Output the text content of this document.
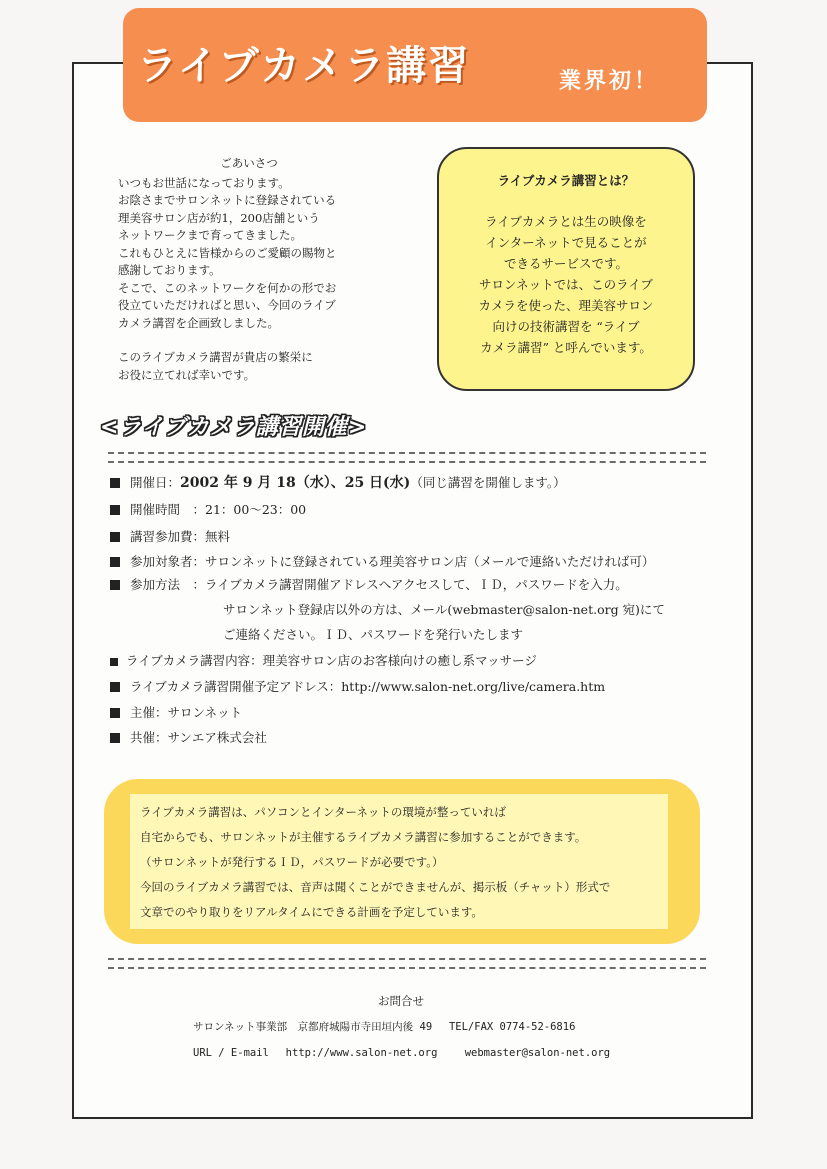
ライブカメラ講習	業界初！
ごあいさつ

いつもお世話になっております。

お陰さまでサロンネットに登録されている

理美容サロン店が約1，200店舗という

ネットワークまで育ってきました。

これもひとえに皆様からのご愛顧の賜物と

感謝しております。

そこで、このネットワークを何かの形でお

役立ていただければと思い、今回のライブ

カメラ講習を企画致しました。

このライブカメラ講習が貴店の繁栄に

お役に立てれば幸いです。

ライブカメラ講習とは？
ライブカメラとは生の映像を
インターネットで見ることが
できるサービスです。
サロンネットでは、このライブ
カメラを使った、理美容サロン
向けの技術講習を “ライブ
カメラ講習” と呼んでいます。
<ライブカメラ講習開催>
開催日：2002 年 9 月 18（水）、25 日(水)（同じ講習を開催します。）
開催時間　：21：00～23：00
講習参加費：無料
参加対象者：サロンネットに登録されている理美容サロン店（メールで連絡いただければ可）
参加方法　：ライブカメラ講習開催アドレスへアクセスして、ＩＤ，パスワードを入力。
サロンネット登録店以外の方は、メール(webmaster@salon-net.org 宛)にて
ご連絡ください。ＩＤ、パスワードを発行いたします
ライブカメラ講習内容：理美容サロン店のお客様向けの癒し系マッサージ
ライブカメラ講習開催予定アドレス：http://www.salon-net.org/live/camera.htm
主催：サロンネット
共催：サンエア株式会社
ライブカメラ講習は、パソコンとインターネットの環境が整っていれば
自宅からでも、サロンネットが主催するライブカメラ講習に参加することができます。
（サロンネットが発行するＩＤ，パスワードが必要です。）
今回のライブカメラ講習では、音声は聞くことができませんが、掲示板（チャット）形式で
文章でのやり取りをリアルタイムにできる計画を予定しています。
お問合せ
サロンネット事業部　京都府城陽市寺田垣内後 49　 TEL/FAX 0774-52-6816
URL / E-mail　 http://www.salon-net.org　　 webmaster@salon-net.org
